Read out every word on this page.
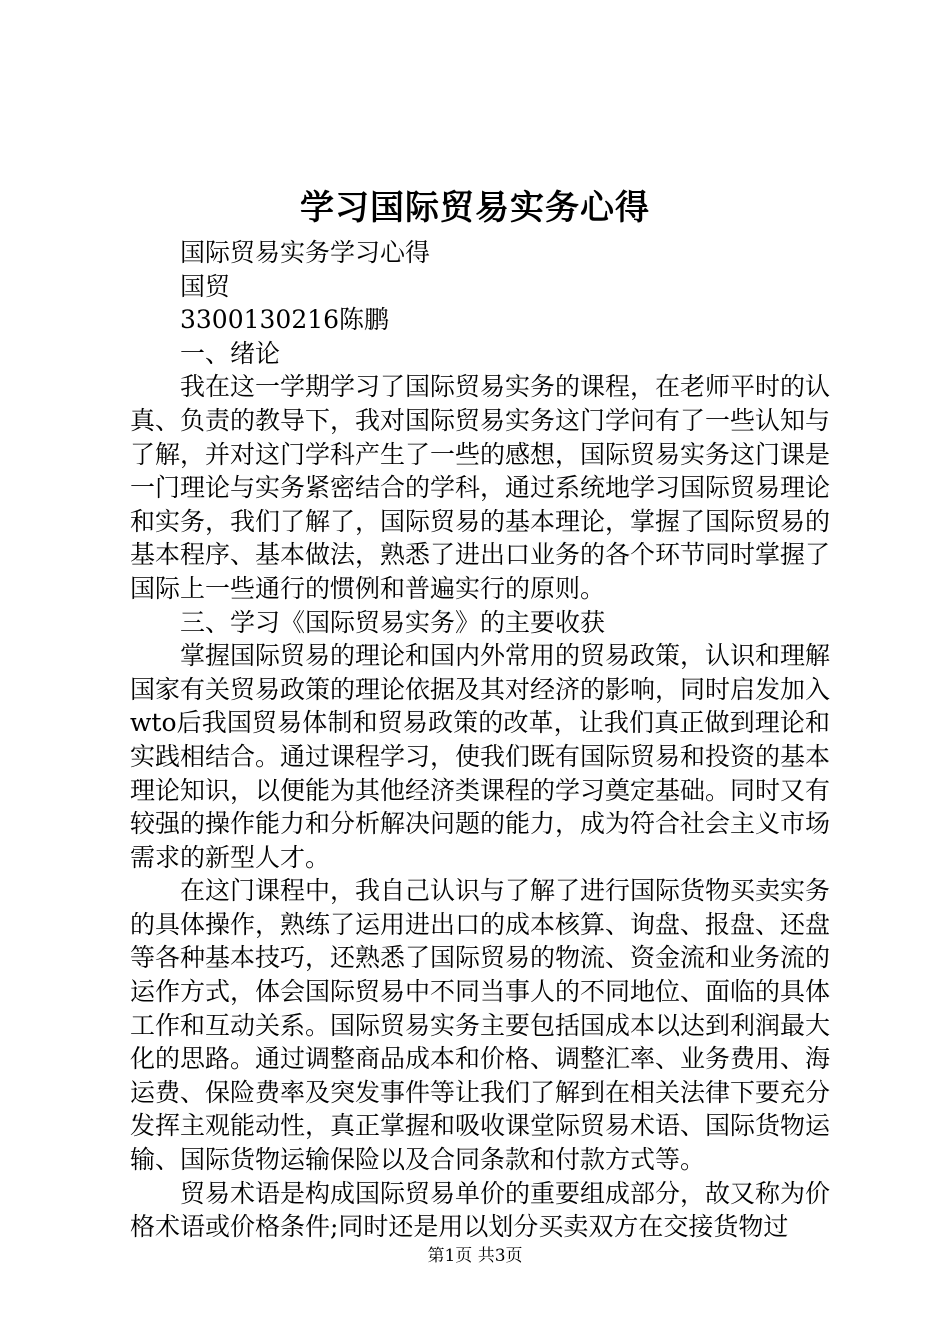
学习国际贸易实务心得

国际贸易实务学习心得

国贸

3300130216陈鹏

一、绪论

我在这一学期学习了国际贸易实务的课程，在老师平时的认真、负责的教导下，我对国际贸易实务这门学问有了一些认知与了解，并对这门学科产生了一些的感想，国际贸易实务这门课是一门理论与实务紧密结合的学科，通过系统地学习国际贸易理论和实务，我们了解了，国际贸易的基本理论，掌握了国际贸易的基本程序、基本做法，熟悉了进出口业务的各个环节同时掌握了国际上一些通行的惯例和普遍实行的原则。

三、学习《国际贸易实务》的主要收获

掌握国际贸易的理论和国内外常用的贸易政策，认识和理解国家有关贸易政策的理论依据及其对经济的影响，同时启发加入wto后我国贸易体制和贸易政策的改革，让我们真正做到理论和实践相结合。通过课程学习，使我们既有国际贸易和投资的基本理论知识，以便能为其他经济类课程的学习奠定基础。同时又有较强的操作能力和分析解决问题的能力，成为符合社会主义市场需求的新型人才。

在这门课程中，我自己认识与了解了进行国际货物买卖实务的具体操作，熟练了运用进出口的成本核算、询盘、报盘、还盘等各种基本技巧，还熟悉了国际贸易的物流、资金流和业务流的运作方式，体会国际贸易中不同当事人的不同地位、面临的具体工作和互动关系。国际贸易实务主要包括国成本以达到利润最大化的思路。通过调整商品成本和价格、调整汇率、业务费用、海运费、保险费率及突发事件等让我们了解到在相关法律下要充分发挥主观能动性，真正掌握和吸收课堂际贸易术语、国际货物运输、国际货物运输保险以及合同条款和付款方式等。

贸易术语是构成国际贸易单价的重要组成部分，故又称为价格术语或价格条件;同时还是用以划分买卖双方在交接货物过

第1页 共3页
